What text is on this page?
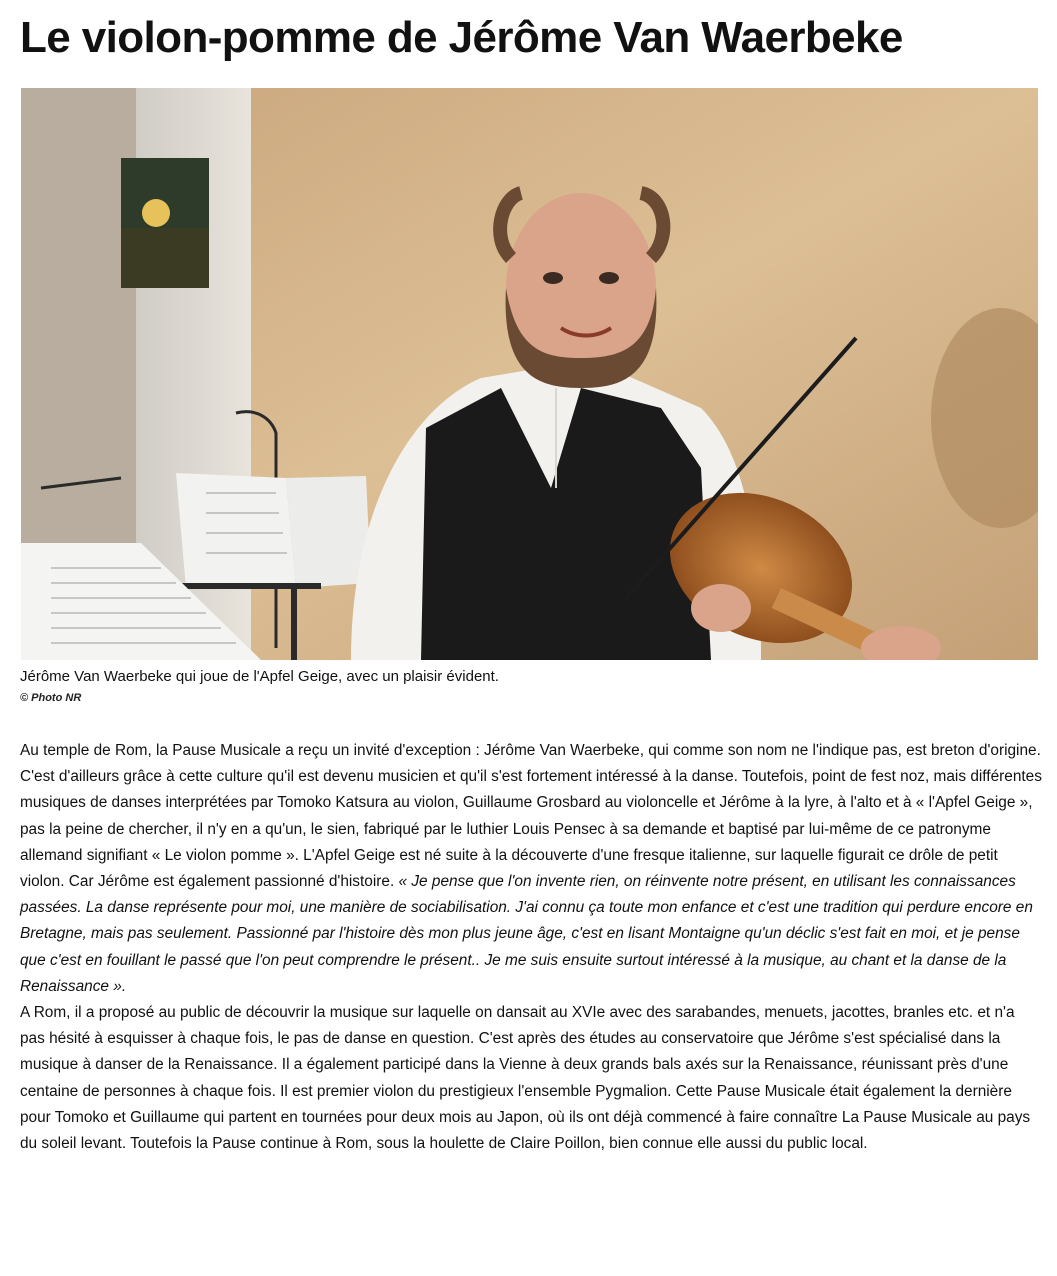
Le violon-pomme de Jérôme Van Waerbeke
Jérôme Van Waerbeke qui joue de l'Apfel Geige, avec un plaisir évident.
© Photo NR

Au temple de Rom, la Pause Musicale a reçu un invité d'exception : Jérôme Van Waerbeke, qui comme son nom ne l'indique pas, est breton d'origine. C'est d'ailleurs grâce à cette culture qu'il est devenu musicien et qu'il s'est fortement intéressé à la danse. Toutefois, point de fest noz, mais différentes musiques de danses interprétées par Tomoko Katsura au violon, Guillaume Grosbard au violoncelle et Jérôme à la lyre, à l'alto et à « l'Apfel Geige », pas la peine de chercher, il n'y en a qu'un, le sien, fabriqué par le luthier Louis Pensec à sa demande et baptisé par lui-même de ce patronyme allemand signifiant « Le violon pomme ». L'Apfel Geige est né suite à la découverte d'une fresque italienne, sur laquelle figurait ce drôle de petit violon. Car Jérôme est également passionné d'histoire. « Je pense que l'on invente rien, on réinvente notre présent, en utilisant les connaissances passées. La danse représente pour moi, une manière de sociabilisation. J'ai connu ça toute mon enfance et c'est une tradition qui perdure encore en Bretagne, mais pas seulement. Passionné par l'histoire dès mon plus jeune âge, c'est en lisant Montaigne qu'un déclic s'est fait en moi, et je pense que c'est en fouillant le passé que l'on peut comprendre le présent.. Je me suis ensuite surtout intéressé à la musique, au chant et la danse de la Renaissance ».

A Rom, il a proposé au public de découvrir la musique sur laquelle on dansait au XVIe avec des sarabandes, menuets, jacottes, branles etc. et n'a pas hésité à esquisser à chaque fois, le pas de danse en question. C'est après des études au conservatoire que Jérôme s'est spécialisé dans la musique à danser de la Renaissance. Il a également participé dans la Vienne à deux grands bals axés sur la Renaissance, réunissant près d'une centaine de personnes à chaque fois. Il est premier violon du prestigieux l'ensemble Pygmalion. Cette Pause Musicale était également la dernière pour Tomoko et Guillaume qui partent en tournées pour deux mois au Japon, où ils ont déjà commencé à faire connaître La Pause Musicale au pays du soleil levant. Toutefois la Pause continue à Rom, sous la houlette de Claire Poillon, bien connue elle aussi du public local.
